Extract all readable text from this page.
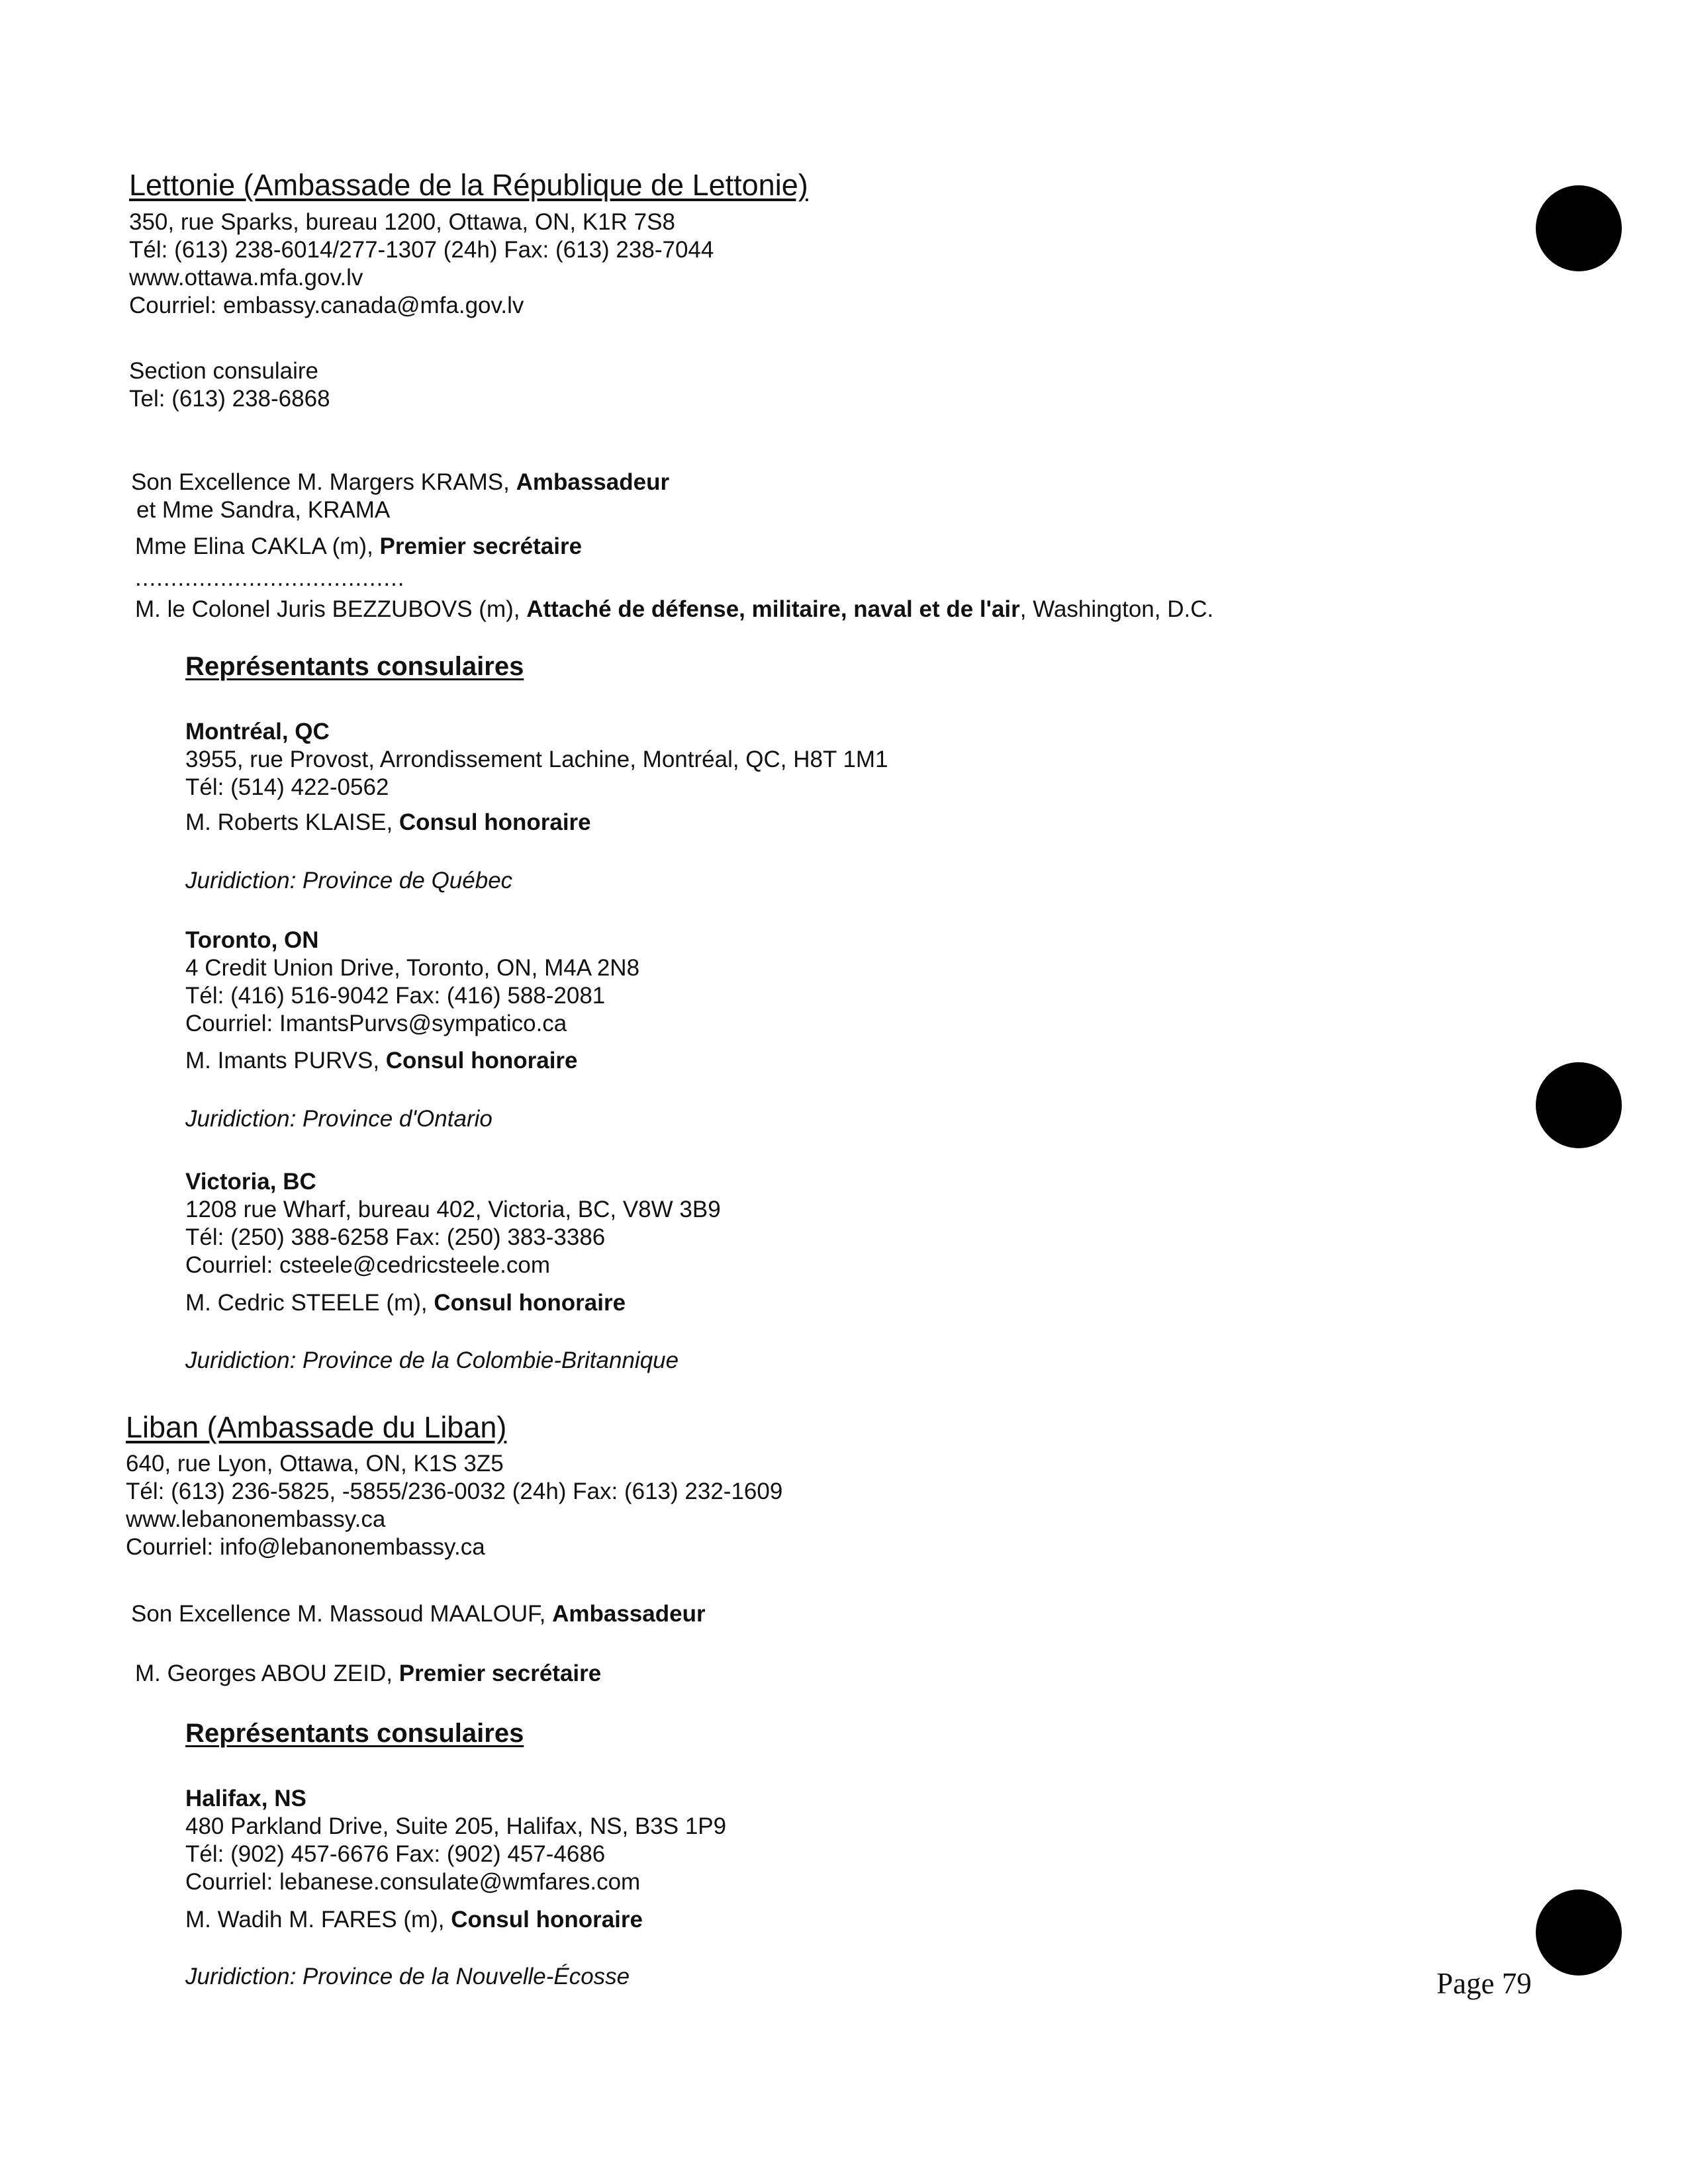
Lettonie (Ambassade de la République de Lettonie)
350, rue Sparks, bureau 1200, Ottawa, ON, K1R 7S8
Tél: (613) 238-6014/277-1307 (24h) Fax: (613) 238-7044
www.ottawa.mfa.gov.lv
Courriel: embassy.canada@mfa.gov.lv
Section consulaire
Tel: (613) 238-6868
Son Excellence M. Margers KRAMS, Ambassadeur
et Mme Sandra, KRAMA
Mme Elina CAKLA (m), Premier secrétaire
......................................
M. le Colonel Juris BEZZUBOVS (m), Attaché de défense, militaire, naval et de l'air, Washington, D.C.
Représentants consulaires
Montréal, QC
3955, rue Provost, Arrondissement Lachine, Montréal, QC, H8T 1M1
Tél: (514) 422-0562
M. Roberts KLAISE, Consul honoraire
Juridiction: Province de Québec
Toronto, ON
4 Credit Union Drive, Toronto, ON, M4A 2N8
Tél: (416) 516-9042 Fax: (416) 588-2081
Courriel: ImantsPurvs@sympatico.ca
M. Imants PURVS, Consul honoraire
Juridiction: Province d'Ontario
Victoria, BC
1208 rue Wharf, bureau 402, Victoria, BC, V8W 3B9
Tél: (250) 388-6258 Fax: (250) 383-3386
Courriel: csteele@cedricsteele.com
M. Cedric STEELE (m), Consul honoraire
Juridiction: Province de la Colombie-Britannique
Liban (Ambassade du Liban)
640, rue Lyon, Ottawa, ON, K1S 3Z5
Tél: (613) 236-5825, -5855/236-0032 (24h) Fax: (613) 232-1609
www.lebanonembassy.ca
Courriel: info@lebanonembassy.ca
Son Excellence M. Massoud MAALOUF, Ambassadeur
M. Georges ABOU ZEID, Premier secrétaire
Représentants consulaires
Halifax, NS
480 Parkland Drive, Suite 205, Halifax, NS, B3S 1P9
Tél: (902) 457-6676 Fax: (902) 457-4686
Courriel: lebanese.consulate@wmfares.com
M. Wadih M. FARES (m), Consul honoraire
Juridiction: Province de la Nouvelle-Écosse	Page 79
